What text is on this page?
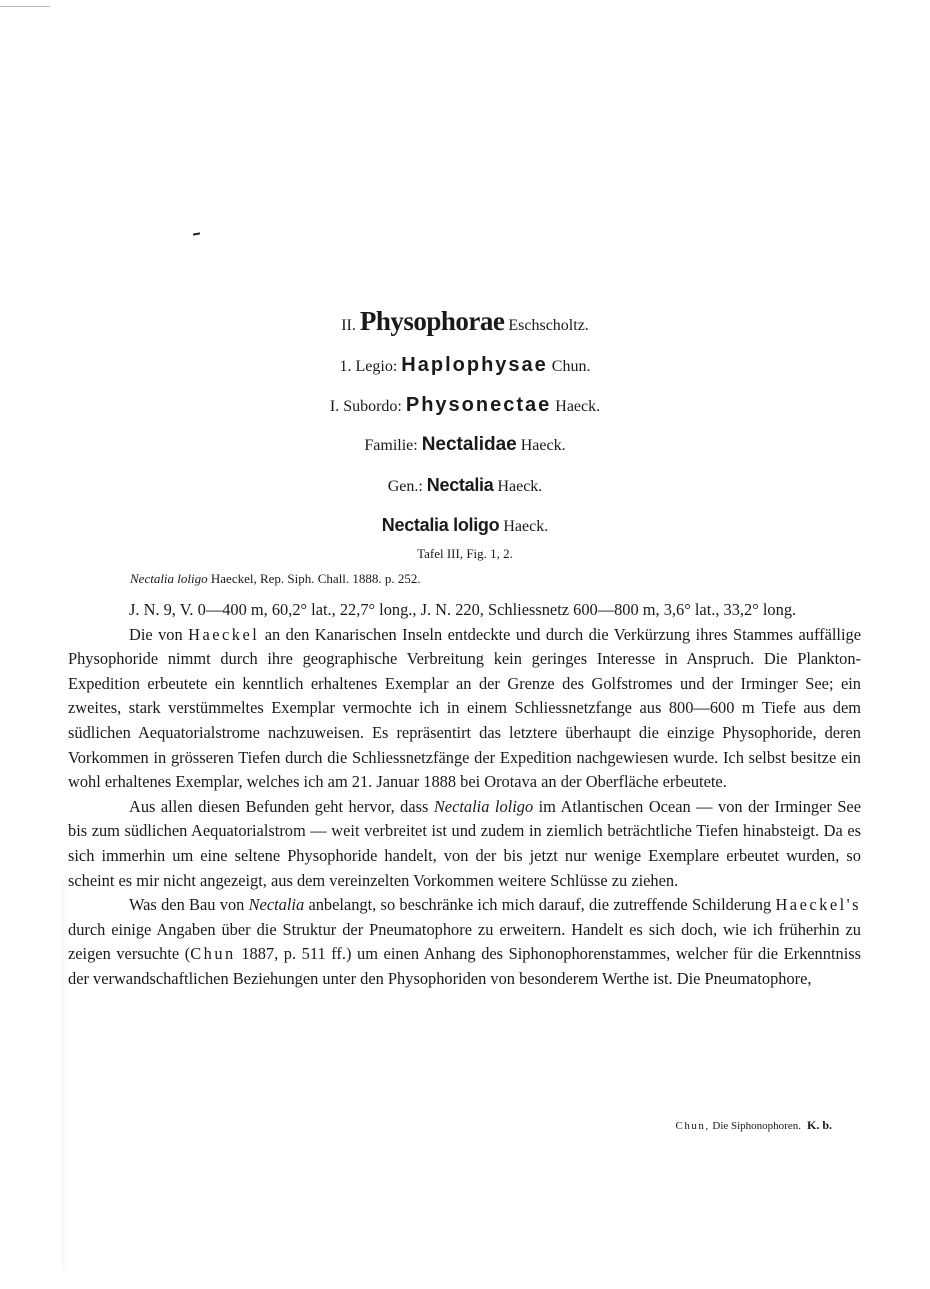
II. Physophorae Eschscholtz.
1. Legio: Haplophysae Chun.
I. Subordo: Physonectae Haeck.
Familie: Nectalidae Haeck.
Gen.: Nectalia Haeck.
Nectalia loligo Haeck.
Tafel III, Fig. 1, 2.
Nectalia loligo Haeckel, Rep. Siph. Chall. 1888. p. 252.

J. N. 9, V. 0—400 m, 60,2° lat., 22,7° long., J. N. 220, Schliessnetz 600—800 m, 3,6° lat., 33,2° long.

Die von Haeckel an den Kanarischen Inseln entdeckte und durch die Verkürzung ihres Stammes auffällige Physophoride nimmt durch ihre geographische Verbreitung kein geringes Interesse in Anspruch. Die Plankton-Expedition erbeutete ein kenntlich erhaltenes Exemplar an der Grenze des Golfstromes und der Irminger See; ein zweites, stark verstümmeltes Exemplar vermochte ich in einem Schliessnetzfange aus 800—600 m Tiefe aus dem südlichen Aequatorialstrome nachzuweisen. Es repräsentirt das letztere überhaupt die einzige Physophoride, deren Vorkommen in grösseren Tiefen durch die Schliessnetzfänge der Expedition nachgewiesen wurde. Ich selbst besitze ein wohl erhaltenes Exemplar, welches ich am 21. Januar 1888 bei Orotava an der Oberfläche erbeutete.

Aus allen diesen Befunden geht hervor, dass Nectalia loligo im Atlantischen Ocean — von der Irminger See bis zum südlichen Aequatorialstrom — weit verbreitet ist und zudem in ziemlich beträchtliche Tiefen hinabsteigt. Da es sich immerhin um eine seltene Physophoride handelt, von der bis jetzt nur wenige Exemplare erbeutet wurden, so scheint es mir nicht angezeigt, aus dem vereinzelten Vorkommen weitere Schlüsse zu ziehen.

Was den Bau von Nectalia anbelangt, so beschränke ich mich darauf, die zutreffende Schilderung Haeckel's durch einige Angaben über die Struktur der Pneumatophore zu erweitern. Handelt es sich doch, wie ich früherhin zu zeigen versuchte (Chun 1887, p. 511 ff.) um einen Anhang des Siphonophorenstammes, welcher für die Erkenntniss der verwandschaftlichen Beziehungen unter den Physophoriden von besonderem Werthe ist. Die Pneumatophore,

Chun, Die Siphonophoren. K. b.
